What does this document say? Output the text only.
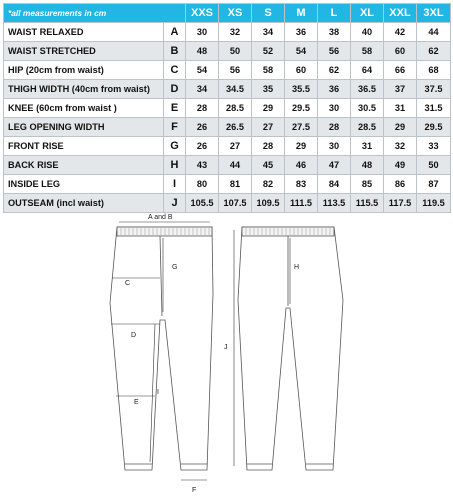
*all measurements in cm		XXS	XS	S	M	L	XL	XXL	3XL
WAIST RELAXED	A	30	32	34	36	38	40	42	44
WAIST STRETCHED	B	48	50	52	54	56	58	60	62
HIP (20cm from waist)	C	54	56	58	60	62	64	66	68
THIGH WIDTH (40cm from waist)	D	34	34.5	35	35.5	36	36.5	37	37.5
KNEE (60cm from waist )	E	28	28.5	29	29.5	30	30.5	31	31.5
LEG OPENING WIDTH	F	26	26.5	27	27.5	28	28.5	29	29.5
FRONT RISE	G	26	27	28	29	30	31	32	33
BACK RISE	H	43	44	45	46	47	48	49	50
INSIDE LEG	I	80	81	82	83	84	85	86	87
OUTSEAM (incl waist)	J	105.5	107.5	109.5	111.5	113.5	115.5	117.5	119.5
A and B
C
D
E
F
G	H
I
J
